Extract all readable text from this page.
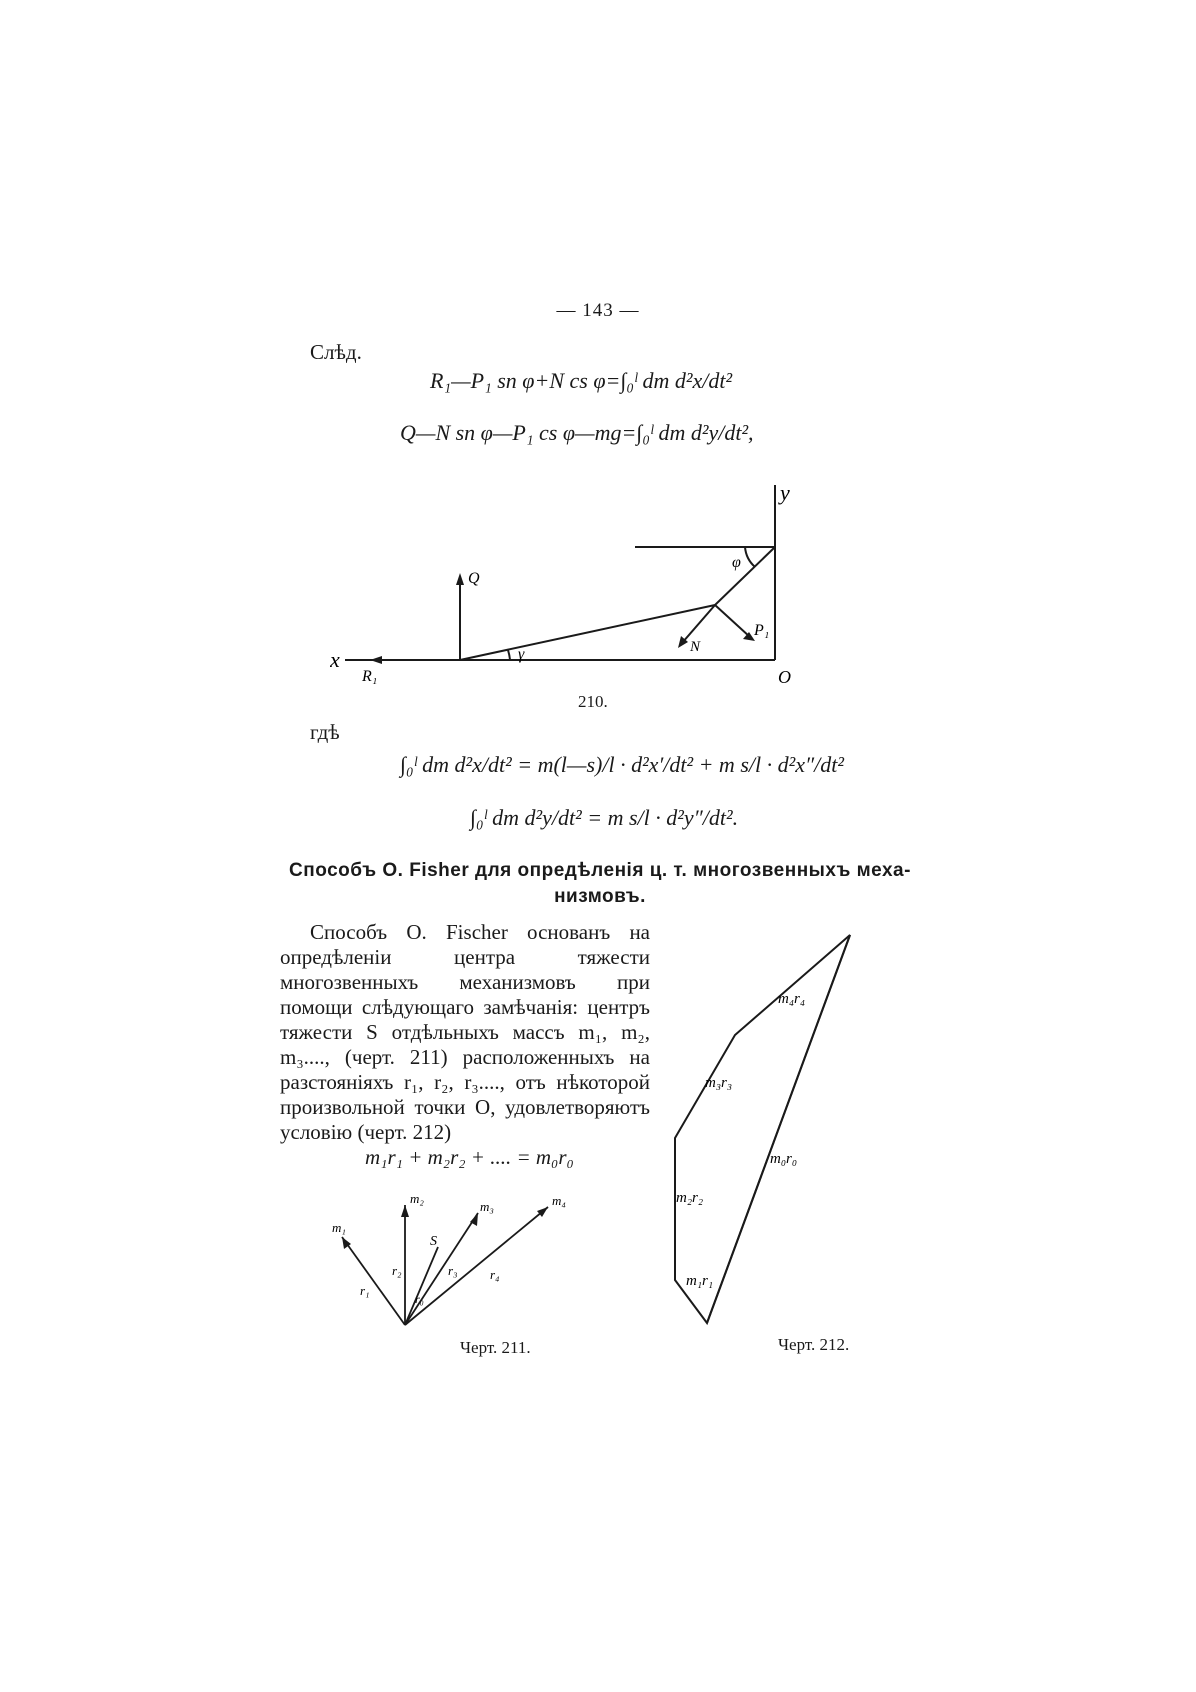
— 143 —
Слѣд.
R₁—P₁ sn φ+N cs φ=∫₀ˡ dm d²x/dt²
Q—N sn φ—P₁ cs φ—mg=∫₀ˡ dm d²y/dt²,
y
x
O
Q
R₁
N
P₁
φ
γ
210.
гдѣ
∫₀ˡ dm d²x/dt² = m(l—s)/l · d²x′/dt² + m s/l · d²x″/dt²
∫₀ˡ dm d²y/dt² = m s/l · d²y″/dt².
Способъ О. Fisher для опредѣленія ц. т. многозвенныхъ меха-
низмовъ.
Способъ О. Fischer основанъ на опредѣленіи центра тяжести многозвенныхъ механизмовъ при помощи слѣдующаго замѣчанія: центръ тяжести S отдѣльныхъ массъ m₁, m₂, m₃...., (черт. 211) расположенныхъ на разстояніяхъ r₁, r₂, r₃...., отъ нѣкоторой произвольной точки O, удовлетворяютъ условію (черт. 212)
m₁r₁ + m₂r₂ + .... = m₀r₀
m₁
m₂
m₃	m₄
r₁
r₂	r₃ r₄
S
r₀
Черт. 211.
m₄r₄
m₃r₃
m₀r₀
m₂r₂
m₁r₁
Черт. 212.
